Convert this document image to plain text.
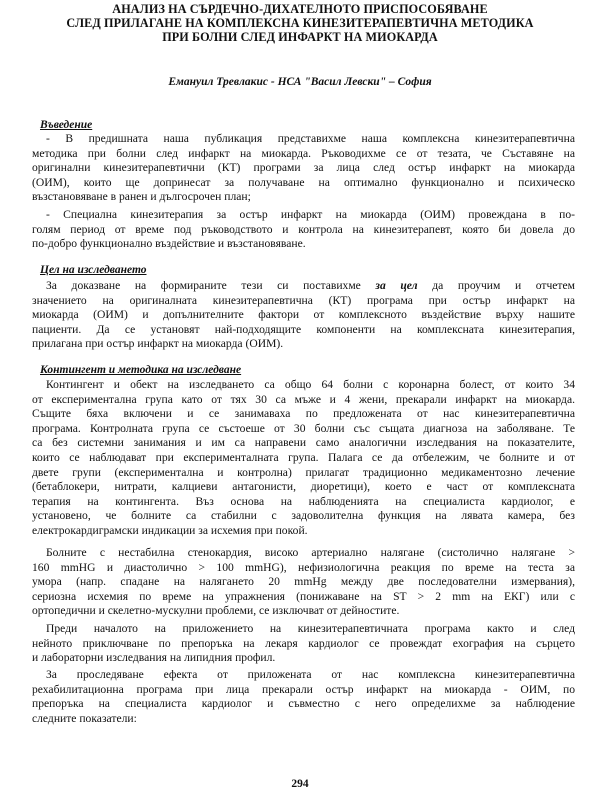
АНАЛИЗ НА СЪРДЕЧНО-ДИХАТЕЛНОТО ПРИСПОСОБЯВАНЕ
СЛЕД ПРИЛАГАНЕ НА КОМПЛЕКСНА КИНЕЗИТЕРАПЕВТИЧНА МЕТОДИКА
ПРИ БОЛНИ СЛЕД ИНФАРКТ НА МИОКАРДА
Емануил Тревлакис - НСА "Васил Левски" – София
Въведение
- В предишната наша публикация представихме наша комплексна кинезитерапевтична
методика при болни след инфаркт на миокарда. Ръководихме се от тезата, че Съставяне на
оригинални кинезитерапевтични (КТ) програми за лица след остър инфаркт на миокарда
(ОИМ), които ще допринесат за получаване на оптимално функционално и психическо
възстановяване в ранен и дългосрочен план;
- Специална кинезитерапия за остър инфаркт на миокарда (ОИМ) провеждана в по-
голям период от време под ръководството и контрола на кинезитерапевт, която би довела до
по-добро функционално въздействие и възстановяване.
Цел на изследването
За доказване на формираните тези си поставихме за цел да проучим и отчетем
значението на оригиналната кинезитерапевтична (КТ) програма при остър инфаркт на
миокарда (ОИМ) и допълнителните фактори от комплексното въздействие върху нашите
пациенти. Да се установят най-подходящите компоненти на комплексната кинезитерапия,
прилагана при остър инфаркт на миокарда (ОИМ).
Контингент и методика на изследване
Контингент и обект на изследването са общо 64 болни с коронарна болест, от които 34
от експериментална група като от тях 30 са мъже и 4 жени, прекарали инфаркт на миокарда.
Същите бяха включени и се занимаваха по предложената от нас кинезитерапевтична
програма. Контролната група се състоеше от 30 болни със същата диагноза на заболяване. Те
са без системни занимания и им са направени само аналогични изследвания на показателите,
които се наблюдават при експерименталната група. Палага се да отбележим, че болните и от
двете групи (експериментална и контролна) прилагат традиционно медикаментозно лечение
(бетаблокери, нитрати, калциеви антагонисти, диоретици), което е част от комплексната
терапия на контингента. Въз основа на наблюденията на специалиста кардиолог, е
установено, че болните са стабилни с задоволителна функция на лявата камера, без
електрокардиграмски индикации за исхемия при покой.
Болните с нестабилна стенокардия, високо артериално налягане (систолично налягане >
160 mmHG и диастолично > 100 mmHG), нефизиологична реакция по време на теста за
умора (напр. спадане на налягането 20 mmHg между две последователни измервания),
сериозна исхемия по време на упражнения (понижаване на ST > 2 mm на ЕКГ) или с
ортопедични и скелетно-мускулни проблеми, се изключват от дейностите.
Преди началото на приложението на кинезитерапевтичната програма както и след
нейното приключване по препоръка на лекаря кардиолог се провеждат ехография на сърцето
и лабораторни изследвания на липидния профил.
За проследяване ефекта от приложената от нас комплексна кинезитерапевтична
рехабилитационна програма при лица прекарали остър инфаркт на миокарда - ОИМ, по
препоръка на специалиста кардиолог и съвместно с него определихме за наблюдение
следните показатели:
294
